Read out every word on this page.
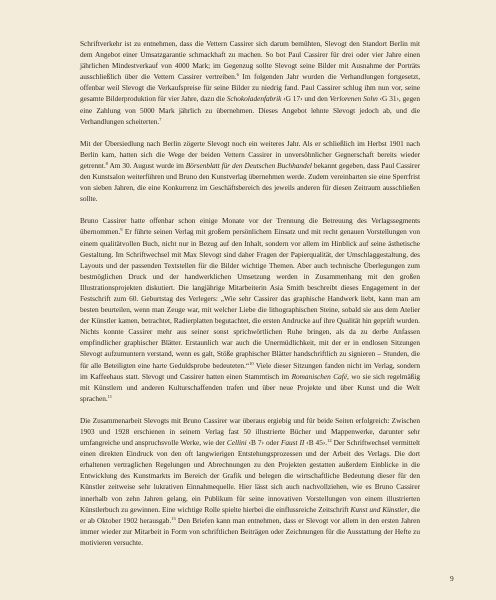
Schriftverkehr ist zu entnehmen, dass die Vettern Cassirer sich darum bemühten, Slevogt den Standort Berlin mit dem Angebot einer Umsatzgarantie schmackhaft zu machen. So bot Paul Cassirer für drei oder vier Jahre einen jährlichen Mindestverkauf von 4000 Mark; im Gegenzug sollte Slevogt seine Bilder mit Ausnahme der Porträts ausschließlich über die Vettern Cassirer vertreiben.$^6$ Im folgenden Jahr wurden die Verhandlungen fortgesetzt, offenbar weil Slevogt die Verkaufspreise für seine Bilder zu niedrig fand. Paul Cassirer schlug ihm nun vor, seine gesamte Bilderproduktion für vier Jahre, dazu die Schokoladenfabrik ‹G 17› und den Verlorenen Sohn ‹G 31›, gegen eine Zahlung von 5000 Mark jährlich zu übernehmen. Dieses Angebot lehnte Slevogt jedoch ab, und die Verhandlungen scheiterten.$^7$

Mit der Übersiedlung nach Berlin zögerte Slevogt noch ein weiteres Jahr. Als er schließlich im Herbst 1901 nach Berlin kam, hatten sich die Wege der beiden Vettern Cassirer in unversöhnlicher Gegnerschaft bereits wieder getrennt.$^8$ Am 30. August wurde im Börsenblatt für den Deutschen Buchhandel bekannt gegeben, dass Paul Cassirer den Kunstsalon weiterführen und Bruno den Kunstverlag übernehmen werde. Zudem vereinbarten sie eine Sperrfrist von sieben Jahren, die eine Konkurrenz im Geschäftsbereich des jeweils anderen für diesen Zeitraum ausschließen sollte.

Bruno Cassirer hatte offenbar schon einige Monate vor der Trennung die Betreuung des Verlagssegments übernommen.$^9$ Er führte seinen Verlag mit großem persönlichem Einsatz und mit recht genauen Vorstellungen von einem qualitätvollen Buch, nicht nur in Bezug auf den Inhalt, sondern vor allem im Hinblick auf seine ästhetische Gestaltung. Im Schriftwechsel mit Max Slevogt sind daher Fragen der Papierqualität, der Umschlaggestaltung, des Layouts und der passenden Textstellen für die Bilder wichtige Themen. Aber auch technische Überlegungen zum bestmöglichen Druck und der handwerklichen Umsetzung werden in Zusammenhang mit den großen Illustrationsprojekten diskutiert. Die langjährige Mitarbeiterin Asia Smith beschreibt dieses Engagement in der Festschrift zum 60. Geburtstag des Verlegers: „Wie sehr Cassirer das graphische Handwerk liebt, kann man am besten beurteilen, wenn man Zeuge war, mit welcher Liebe die lithographischen Steine, sobald sie aus dem Atelier der Künstler kamen, betrachtet, Radierplatten begutachtet, die ersten Andrucke auf ihre Qualität hin geprüft wurden. Nichts konnte Cassirer mehr aus seiner sonst sprichwörtlichen Ruhe bringen, als da zu derbe Anfassen empfindlicher graphischer Blätter. Erstaunlich war auch die Unermüdlichkeit, mit der er in endlosen Sitzungen Slevogt aufzumuntern verstand, wenn es galt, Stöße graphischer Blätter handschriftlich zu signieren – Stunden, die für alle Beteiligten eine harte Geduldsprobe bedeuteten.“$^{10}$ Viele dieser Sitzungen fanden nicht im Verlag, sondern im Kaffeehaus statt. Slevogt und Cassirer hatten einen Stammtisch im Romanischen Café, wo sie sich regelmäßig mit Künstlern und anderen Kulturschaffenden trafen und über neue Projekte und über Kunst und die Welt sprachen.$^{11}$

Die Zusammenarbeit Slevogts mit Bruno Cassirer war überaus ergiebig und für beide Seiten erfolgreich: Zwischen 1903 und 1928 erschienen in seinem Verlag fast 50 illustrierte Bücher und Mappenwerke, darunter sehr umfangreiche und anspruchsvolle Werke, wie der Cellini ‹B 7› oder Faust II ‹B 45›.$^{12}$ Der Schriftwechsel vermittelt einen direkten Eindruck von den oft langwierigen Entstehungsprozessen und der Arbeit des Verlags. Die dort erhaltenen vertraglichen Regelungen und Abrechnungen zu den Projekten gestatten außerdem Einblicke in die Entwicklung des Kunstmarkts im Bereich der Grafik und belegen die wirtschaftliche Bedeutung dieser für den Künstler zeitweise sehr lukrativen Einnahmequelle. Hier lässt sich auch nachvollziehen, wie es Bruno Cassirer innerhalb von zehn Jahren gelang, ein Publikum für seine innovativen Vorstellungen von einem illustrierten Künstlerbuch zu gewinnen. Eine wichtige Rolle spielte hierbei die einflussreiche Zeitschrift Kunst und Künstler, die er ab Oktober 1902 herausgab.$^{13}$ Den Briefen kann man entnehmen, dass er Slevogt vor allem in den ersten Jahren immer wieder zur Mitarbeit in Form von schriftlichen Beiträgen oder Zeichnungen für die Ausstattung der Hefte zu motivieren versuchte.

9
